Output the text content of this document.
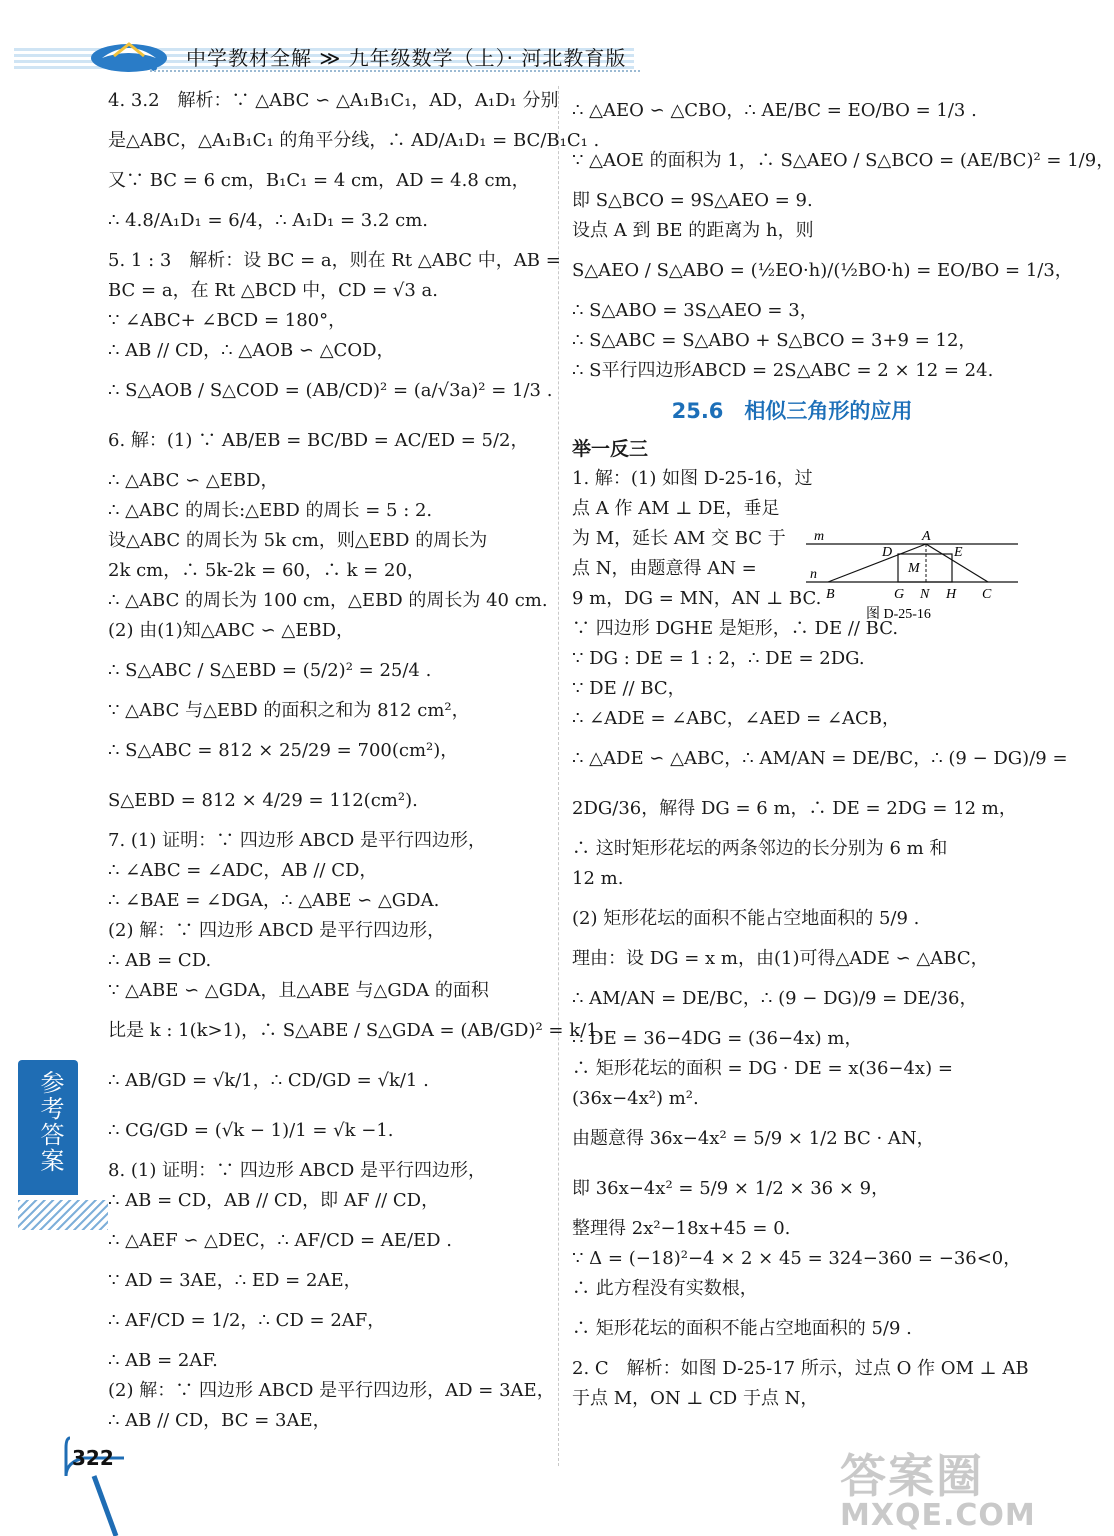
中学教材全解 ≫ 九年级数学（上）· 河北教育版
4. 3.2　解析：∵ △ABC ∽ △A₁B₁C₁，AD，A₁D₁ 分别
是△ABC，△A₁B₁C₁ 的角平分线，∴ AD/A₁D₁ = BC/B₁C₁ .
又∵ BC = 6 cm，B₁C₁ = 4 cm，AD = 4.8 cm，
∴ 4.8/A₁D₁ = 6/4，∴ A₁D₁ = 3.2 cm.
5. 1 : 3　解析：设 BC = a，则在 Rt △ABC 中，AB =
BC = a，在 Rt △BCD 中，CD = √3 a.
∵ ∠ABC+ ∠BCD = 180°，
∴ AB // CD，∴ △AOB ∽ △COD，
∴ S△AOB / S△COD = (AB/CD)² = (a/√3a)² = 1/3 .
6. 解：(1) ∵ AB/EB = BC/BD = AC/ED = 5/2，
∴ △ABC ∽ △EBD，
∴ △ABC 的周长:△EBD 的周长 = 5 : 2.
设△ABC 的周长为 5k cm，则△EBD 的周长为
2k cm，∴ 5k-2k = 60，∴ k = 20，
∴ △ABC 的周长为 100 cm，△EBD 的周长为 40 cm.
(2) 由(1)知△ABC ∽ △EBD，
∴ S△ABC / S△EBD = (5/2)² = 25/4 .
∵ △ABC 与△EBD 的面积之和为 812 cm²，
∴ S△ABC = 812 × 25/29 = 700(cm²)，
S△EBD = 812 × 4/29 = 112(cm²).
7. (1) 证明：∵ 四边形 ABCD 是平行四边形，
∴ ∠ABC = ∠ADC，AB // CD，
∴ ∠BAE = ∠DGA，∴ △ABE ∽ △GDA.
(2) 解：∵ 四边形 ABCD 是平行四边形，
∴ AB = CD.
∵ △ABE ∽ △GDA，且△ABE 与△GDA 的面积
比是 k : 1(k>1)，∴ S△ABE / S△GDA = (AB/GD)² = k/1，
∴ AB/GD = √k/1，∴ CD/GD = √k/1 .
∴ CG/GD = (√k − 1)/1 = √k −1.
8. (1) 证明：∵ 四边形 ABCD 是平行四边形，
∴ AB = CD，AB // CD，即 AF // CD，
∴ △AEF ∽ △DEC，∴ AF/CD = AE/ED .
∵ AD = 3AE，∴ ED = 2AE，
∴ AF/CD = 1/2，∴ CD = 2AF，
∴ AB = 2AF.
(2) 解：∵ 四边形 ABCD 是平行四边形，AD = 3AE，
∴ AB // CD，BC = 3AE，
∴ △AEO ∽ △CBO，∴ AE/BC = EO/BO = 1/3 .
∵ △AOE 的面积为 1，∴ S△AEO / S△BCO = (AE/BC)² = 1/9，
即 S△BCO = 9S△AEO = 9.
设点 A 到 BE 的距离为 h，则
S△AEO / S△ABO = (½EO·h)/(½BO·h) = EO/BO = 1/3，
∴ S△ABO = 3S△AEO = 3，
∴ S△ABC = S△ABO + S△BCO = 3+9 = 12，
∴ S平行四边形ABCD = 2S△ABC = 2 × 12 = 24.
25.6　相似三角形的应用
举一反三
1. 解：(1) 如图 D-25-16，过
点 A 作 AM ⊥ DE，垂足
为 M，延长 AM 交 BC 于
点 N，由题意得 AN =
9 m，DG = MN，AN ⊥ BC.
∵ 四边形 DGHE 是矩形，∴ DE // BC.
∵ DG : DE = 1 : 2，∴ DE = 2DG.
∵ DE // BC，
∴ ∠ADE = ∠ABC，∠AED = ∠ACB，
∴ △ADE ∽ △ABC，∴ AM/AN = DE/BC，∴ (9 − DG)/9 =
2DG/36，解得 DG = 6 m，∴ DE = 2DG = 12 m，
∴ 这时矩形花坛的两条邻边的长分别为 6 m 和
12 m.
(2) 矩形花坛的面积不能占空地面积的 5/9 .
理由：设 DG = x m，由(1)可得△ADE ∽ △ABC，
∴ AM/AN = DE/BC，∴ (9 − DG)/9 = DE/36，
∴ DE = 36−4DG = (36−4x) m，
∴ 矩形花坛的面积 = DG · DE = x(36−4x) =
(36x−4x²) m².
由题意得 36x−4x² = 5/9 × 1/2 BC · AN，
即 36x−4x² = 5/9 × 1/2 × 36 × 9，
整理得 2x²−18x+45 = 0.
∵ Δ = (−18)²−4 × 2 × 45 = 324−360 = −36<0，
∴ 此方程没有实数根，
∴ 矩形花坛的面积不能占空地面积的 5/9 .
2. C　解析：如图 D-25-17 所示，过点 O 作 OM ⊥ AB
于点 M，ON ⊥ CD 于点 N，
m
n
A
D	E
M
B	G N H C
图 D-25-16
参考答案
322	答案圈
MXQE.COM
